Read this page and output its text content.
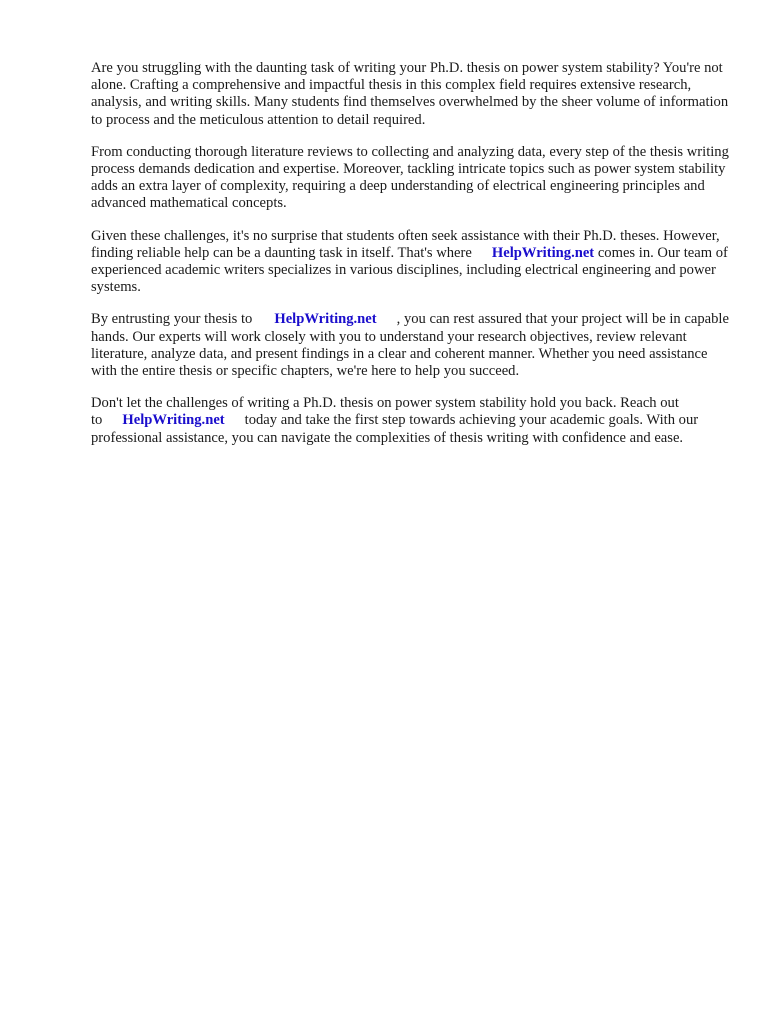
Are you struggling with the daunting task of writing your Ph.D. thesis on power system stability? You're not alone. Crafting a comprehensive and impactful thesis in this complex field requires extensive research, analysis, and writing skills. Many students find themselves overwhelmed by the sheer volume of information to process and the meticulous attention to detail required.

From conducting thorough literature reviews to collecting and analyzing data, every step of the thesis writing process demands dedication and expertise. Moreover, tackling intricate topics such as power system stability adds an extra layer of complexity, requiring a deep understanding of electrical engineering principles and advanced mathematical concepts.

Given these challenges, it's no surprise that students often seek assistance with their Ph.D. theses. However, finding reliable help can be a daunting task in itself. That's where HelpWriting.net comes in. Our team of experienced academic writers specializes in various disciplines, including electrical engineering and power systems.

By entrusting your thesis to HelpWriting.net , you can rest assured that your project will be in capable hands. Our experts will work closely with you to understand your research objectives, review relevant literature, analyze data, and present findings in a clear and coherent manner. Whether you need assistance with the entire thesis or specific chapters, we're here to help you succeed.

Don't let the challenges of writing a Ph.D. thesis on power system stability hold you back. Reach out to HelpWriting.net today and take the first step towards achieving your academic goals. With our professional assistance, you can navigate the complexities of thesis writing with confidence and ease.
